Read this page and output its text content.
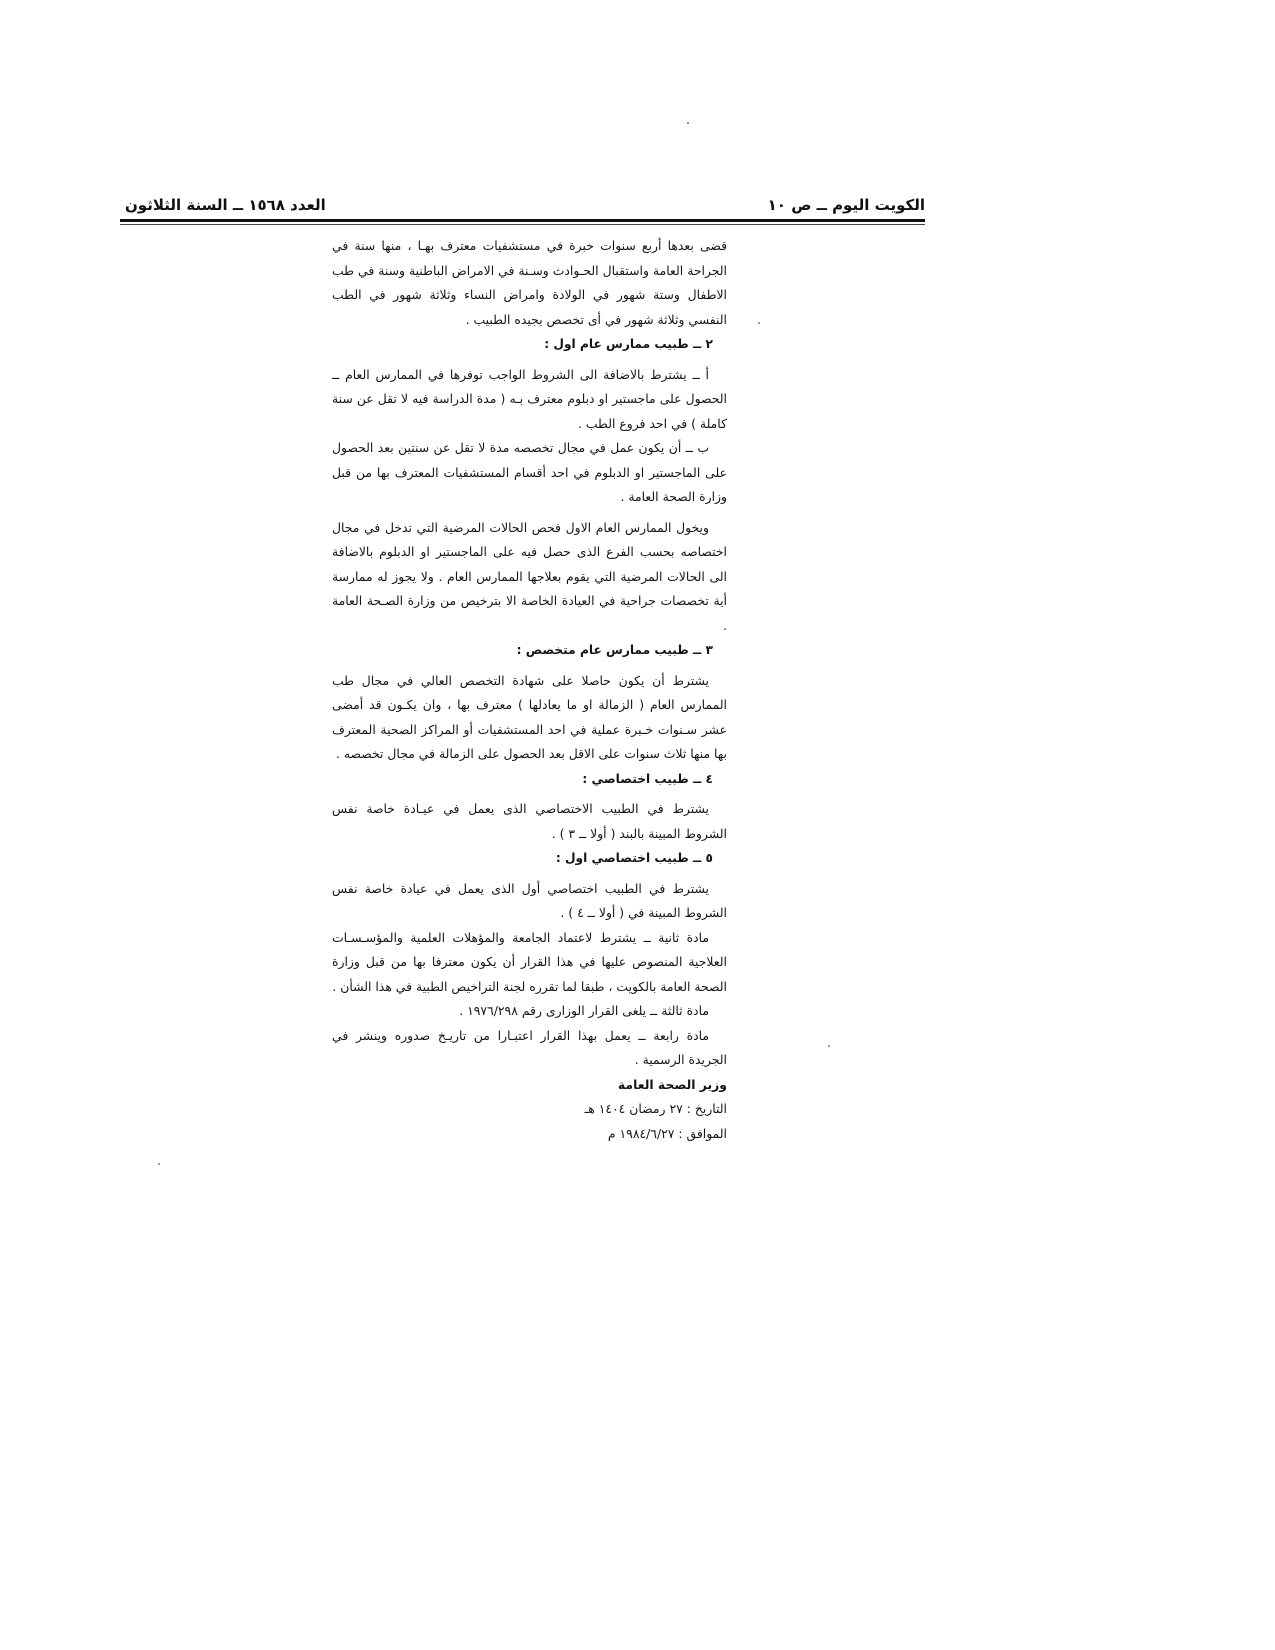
الكويت اليوم ــ ص ١٠
العدد ١٥٦٨ ــ السنة الثلاثون

قضى بعدها أربع سنوات خبرة في مستشفيات معترف بهـا ، منها سنة في الجراحة العامة واستقبال الحـوادث وسـنة في الامراض الباطنية وسنة في طب الاطفال وستة شهور في الولادة وامراض النساء وثلاثة شهور في الطب النفسي وثلاثة شهور في أى تخصص يجيده الطبيب .

٢ ــ طبيب ممارس عام اول :

أ ــ يشترط بالاضافة الى الشروط الواجب توفرها في الممارس العام ــ الحصول على ماجستير او دبلوم معترف بـه ( مدة الدراسة فيه لا تقل عن سنة كاملة ) في احد فروع الطب .

ب ــ أن يكون عمل في مجال تخصصه مدة لا تقل عن سنتين بعد الحصول على الماجستير او الدبلوم في احد أقسام المستشفيات المعترف بها من قبل وزارة الصحة العامة .

ويخول الممارس العام الاول فحص الحالات المرضية التي تدخل في مجال اختصاصه بحسب الفرع الذى حصل فيه على الماجستير او الدبلوم بالاضافة الى الحالات المرضية التي يقوم بعلاجها الممارس العام . ولا يجوز له ممارسة أية تخصصات جراحية في العيادة الخاصة الا بترخيص من وزارة الصـحة العامة .

٣ ــ طبيب ممارس عام متخصص :

يشترط أن يكون حاصلا على شهادة التخصص العالي في مجال طب الممارس العام ( الزمالة او ما يعادلها ) معترف بها ، وان يكـون قد أمضى عشر سـنوات خـبرة عملية في احد المستشفيات أو المراكز الصحية المعترف بها منها ثلاث سنوات على الاقل بعد الحصول على الزمالة في مجال تخصصه .

٤ ــ طبيب اختصاصي :

يشترط في الطبيب الاختصاصي الذى يعمل في عيـادة خاصة نفس الشروط المبينة بالبند ( أولا ــ ٣ ) .

٥ ــ طبيب اختصاصي اول :

يشترط في الطبيب اختصاصي أول الذى يعمل في عيادة خاصة نفس الشروط المبينة في ( أولا ــ ٤ ) .

مادة ثانية ــ يشترط لاعتماد الجامعة والمؤهلات العلمية والمؤسـسـات العلاجية المنصوص عليها في هذا القرار أن يكون معترفا بها من قبل وزارة الصحة العامة بالكويت ، طبقا لما تقرره لجنة التراخيص الطبية في هذا الشأن .

مادة ثالثة ــ يلغى القرار الوزارى رقم ١٩٧٦/٢٩٨ .

مادة رابعة ــ يعمل بهذا القرار اعتبـارا من تاريـخ صدوره وينشر في الجريدة الرسمية .

وزير الصحة العامة

التاريخ : ٢٧ رمضان ١٤٠٤ هـ

الموافق : ١٩٨٤/٦/٢٧ م
